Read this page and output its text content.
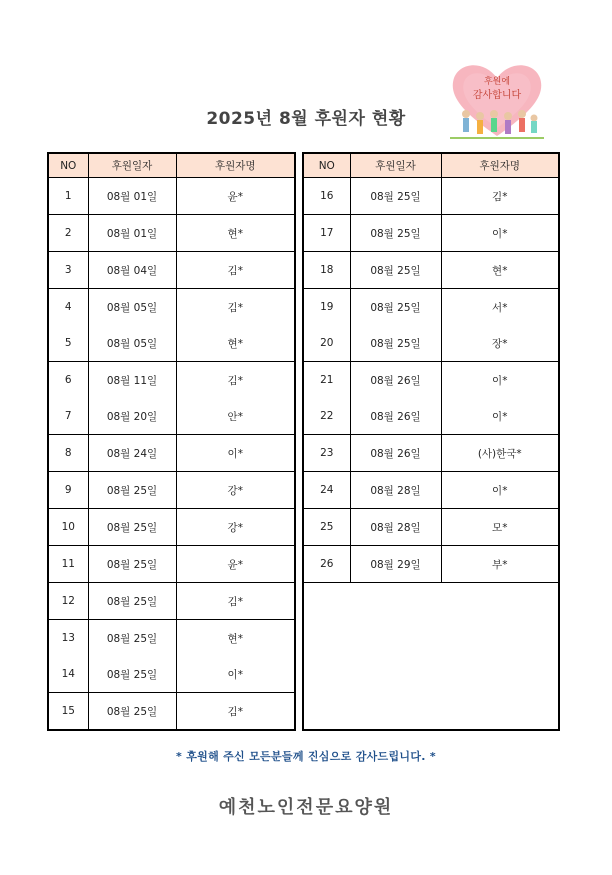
2025년 8월 후원자 현황
후원에
감사합니다
NO	후원일자	후원자명
1	08월 01일	윤*
2	08월 01일	현*
3	08월 04일	김*
4	08월 05일	김*
5	08월 05일	현*
6	08월 11일	김*
7	08월 20일	안*
8	08월 24일	이*
9	08월 25일	강*
10	08월 25일	강*
11	08월 25일	윤*
12	08월 25일	김*
13	08월 25일	현*
14	08월 25일	이*
15	08월 25일	김*
NO	후원일자	후원자명
16	08월 25일	김*
17	08월 25일	이*
18	08월 25일	현*
19	08월 25일	서*
20	08월 25일	장*
21	08월 26일	이*
22	08월 26일	이*
23	08월 26일	(사)한국*
24	08월 28일	이*
25	08월 28일	모*
26	08월 29일	부*

* 후원해 주신 모든분들께 진심으로 감사드립니다. *
예천노인전문요양원
